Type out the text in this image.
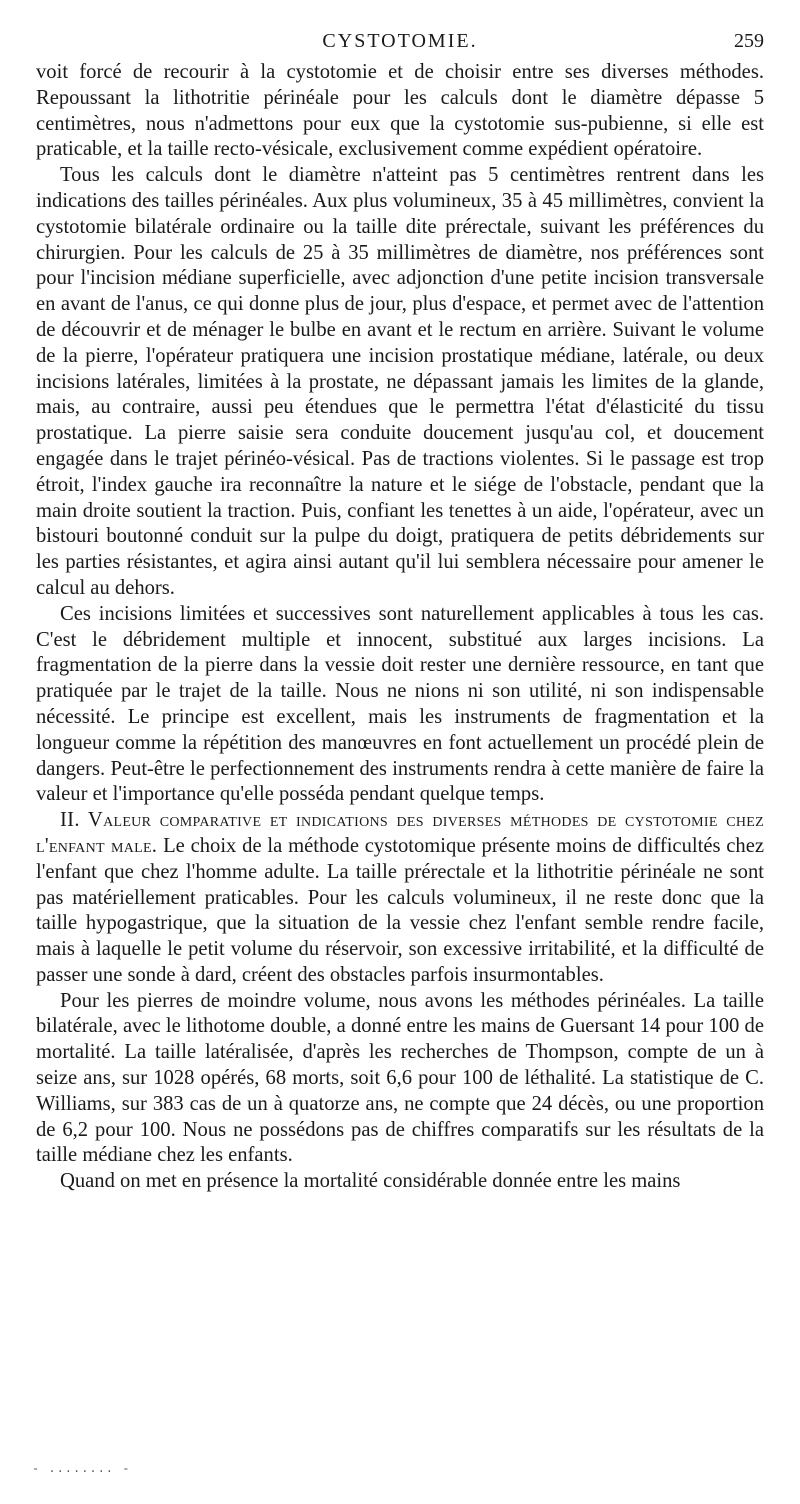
CYSTOTOMIE.	259

voit forcé de recourir à la cystotomie et de choisir entre ses diverses méthodes. Repoussant la lithotritie périnéale pour les calculs dont le diamètre dépasse 5 centimètres, nous n'admettons pour eux que la cystotomie sus-pubienne, si elle est praticable, et la taille recto-vésicale, exclusivement comme expédient opératoire.

Tous les calculs dont le diamètre n'atteint pas 5 centimètres rentrent dans les indications des tailles périnéales. Aux plus volumineux, 35 à 45 millimètres, convient la cystotomie bilatérale ordinaire ou la taille dite prérectale, suivant les préférences du chirurgien. Pour les calculs de 25 à 35 millimètres de diamètre, nos préférences sont pour l'incision médiane superficielle, avec adjonction d'une petite incision transversale en avant de l'anus, ce qui donne plus de jour, plus d'espace, et permet avec de l'attention de découvrir et de ménager le bulbe en avant et le rectum en arrière. Suivant le volume de la pierre, l'opérateur pratiquera une incision prostatique médiane, latérale, ou deux incisions latérales, limitées à la prostate, ne dépassant jamais les limites de la glande, mais, au contraire, aussi peu étendues que le permettra l'état d'élasticité du tissu prostatique. La pierre saisie sera conduite doucement jusqu'au col, et doucement engagée dans le trajet périnéo-vésical. Pas de tractions violentes. Si le passage est trop étroit, l'index gauche ira reconnaître la nature et le siége de l'obstacle, pendant que la main droite soutient la traction. Puis, confiant les tenettes à un aide, l'opérateur, avec un bistouri boutonné conduit sur la pulpe du doigt, pratiquera de petits débridements sur les parties résistantes, et agira ainsi autant qu'il lui semblera nécessaire pour amener le calcul au dehors.

Ces incisions limitées et successives sont naturellement applicables à tous les cas. C'est le débridement multiple et innocent, substitué aux larges incisions. La fragmentation de la pierre dans la vessie doit rester une dernière ressource, en tant que pratiquée par le trajet de la taille. Nous ne nions ni son utilité, ni son indispensable nécessité. Le principe est excellent, mais les instruments de fragmentation et la longueur comme la répétition des manœuvres en font actuellement un procédé plein de dangers. Peut-être le perfectionnement des instruments rendra à cette manière de faire la valeur et l'importance qu'elle posséda pendant quelque temps.

II. Valeur comparative et indications des diverses méthodes de cystotomie chez l'enfant male. Le choix de la méthode cystotomique présente moins de difficultés chez l'enfant que chez l'homme adulte. La taille prérectale et la lithotritie périnéale ne sont pas matériellement praticables. Pour les calculs volumineux, il ne reste donc que la taille hypogastrique, que la situation de la vessie chez l'enfant semble rendre facile, mais à laquelle le petit volume du réservoir, son excessive irritabilité, et la difficulté de passer une sonde à dard, créent des obstacles parfois insurmontables.

Pour les pierres de moindre volume, nous avons les méthodes périnéales. La taille bilatérale, avec le lithotome double, a donné entre les mains de Guersant 14 pour 100 de mortalité. La taille latéralisée, d'après les recherches de Thompson, compte de un à seize ans, sur 1028 opérés, 68 morts, soit 6,6 pour 100 de léthalité. La statistique de C. Williams, sur 383 cas de un à quatorze ans, ne compte que 24 décès, ou une proportion de 6,2 pour 100. Nous ne possédons pas de chiffres comparatifs sur les résultats de la taille médiane chez les enfants.

Quand on met en présence la mortalité considérable donnée entre les mains

- ........ -
